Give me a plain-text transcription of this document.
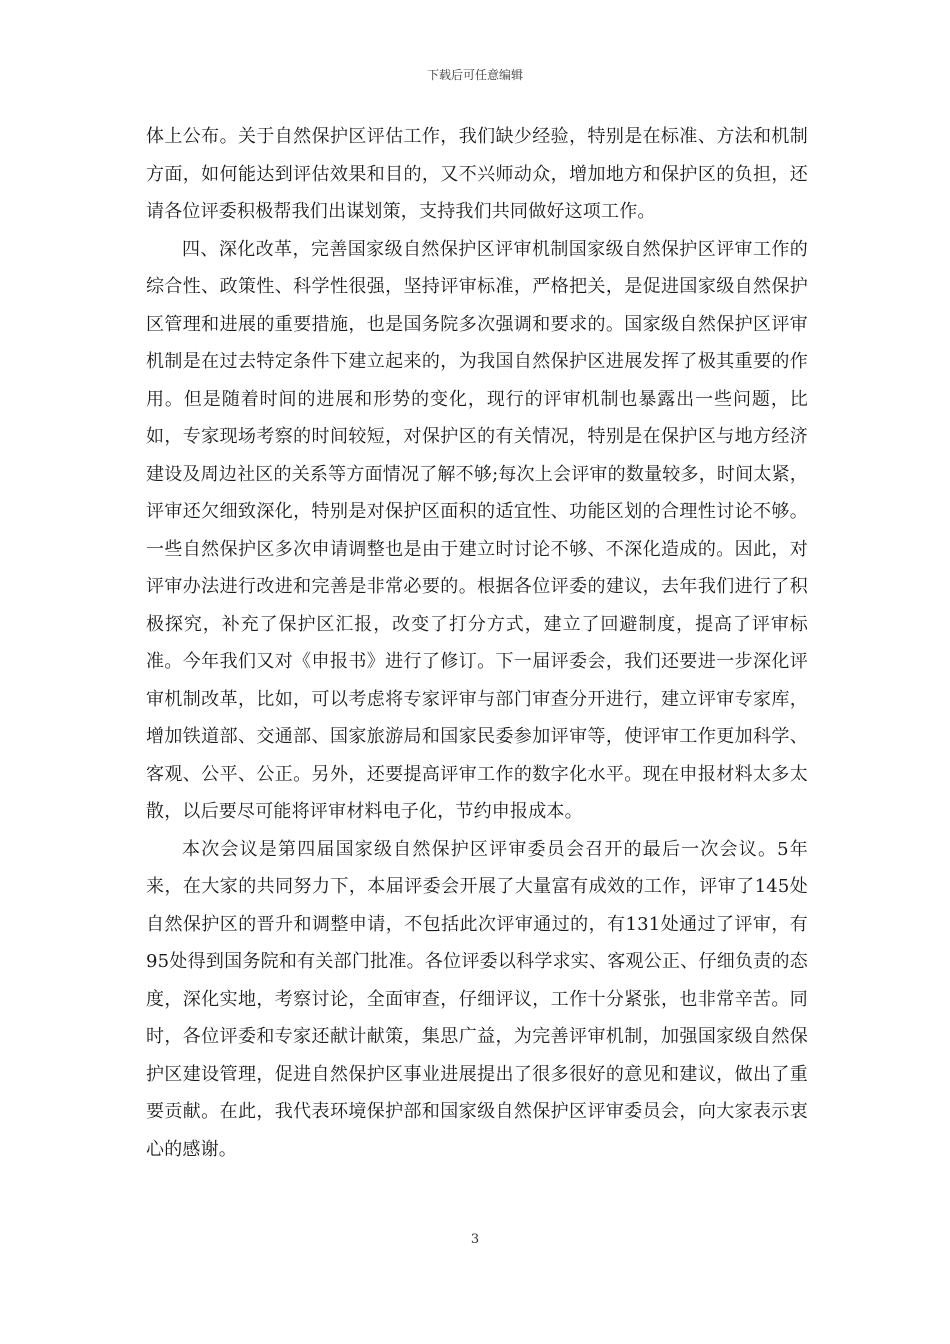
下载后可任意编辑

体上公布。关于自然保护区评估工作，我们缺少经验，特别是在标准、方法和机制方面，如何能达到评估效果和目的，又不兴师动众，增加地方和保护区的负担，还请各位评委积极帮我们出谋划策，支持我们共同做好这项工作。

四、深化改革，完善国家级自然保护区评审机制国家级自然保护区评审工作的综合性、政策性、科学性很强，坚持评审标准，严格把关，是促进国家级自然保护区管理和进展的重要措施，也是国务院多次强调和要求的。国家级自然保护区评审机制是在过去特定条件下建立起来的，为我国自然保护区进展发挥了极其重要的作用。但是随着时间的进展和形势的变化，现行的评审机制也暴露出一些问题，比如，专家现场考察的时间较短，对保护区的有关情况，特别是在保护区与地方经济建设及周边社区的关系等方面情况了解不够;每次上会评审的数量较多，时间太紧，评审还欠细致深化，特别是对保护区面积的适宜性、功能区划的合理性讨论不够。一些自然保护区多次申请调整也是由于建立时讨论不够、不深化造成的。因此，对评审办法进行改进和完善是非常必要的。根据各位评委的建议，去年我们进行了积极探究，补充了保护区汇报，改变了打分方式，建立了回避制度，提高了评审标准。今年我们又对《申报书》进行了修订。下一届评委会，我们还要进一步深化评审机制改革，比如，可以考虑将专家评审与部门审查分开进行，建立评审专家库，增加铁道部、交通部、国家旅游局和国家民委参加评审等，使评审工作更加科学、客观、公平、公正。另外，还要提高评审工作的数字化水平。现在申报材料太多太散，以后要尽可能将评审材料电子化，节约申报成本。

本次会议是第四届国家级自然保护区评审委员会召开的最后一次会议。5年来，在大家的共同努力下，本届评委会开展了大量富有成效的工作，评审了145处自然保护区的晋升和调整申请，不包括此次评审通过的，有131处通过了评审，有95处得到国务院和有关部门批准。各位评委以科学求实、客观公正、仔细负责的态度，深化实地，考察讨论，全面审查，仔细评议，工作十分紧张，也非常辛苦。同时，各位评委和专家还献计献策，集思广益，为完善评审机制，加强国家级自然保护区建设管理，促进自然保护区事业进展提出了很多很好的意见和建议，做出了重要贡献。在此，我代表环境保护部和国家级自然保护区评审委员会，向大家表示衷心的感谢。

3
